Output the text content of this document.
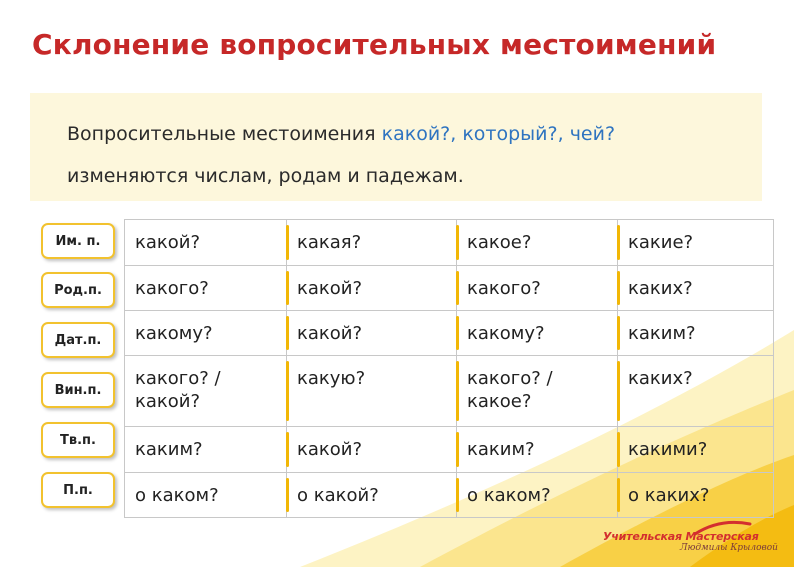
Склонение вопросительных местоимений
Вопросительные местоимения какой?, который?, чей?
изменяются числам, родам и падежам.
Им. п.
Род.п.
Дат.п.
Вин.п.
Тв.п.
П.п.
какой?	какая?	какое?	какие?
какого?	какой?	какого?	каких?
какому?	какой?	какому?	каким?
какого? / какой?	какую?	какого? / какое?	каких?
каким?	какой?	каким?	какими?
о каком?	о какой?	о каком?	о каких?
Учительская Мастерская
Людмилы Крыловой
